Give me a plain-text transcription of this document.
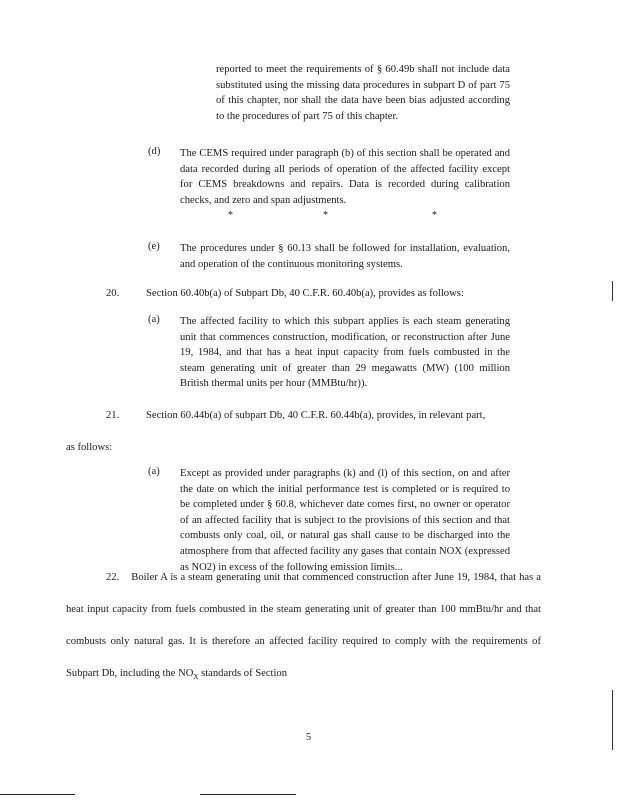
reported to meet the requirements of § 60.49b shall not include data substituted using the missing data procedures in subpart D of part 75 of this chapter, nor shall the data have been bias adjusted according to the procedures of part 75 of this chapter.
(d) The CEMS required under paragraph (b) of this section shall be operated and data recorded during all periods of operation of the affected facility except for CEMS breakdowns and repairs. Data is recorded during calibration checks, and zero and span adjustments.
*	*	*
(e) The procedures under § 60.13 shall be followed for installation, evaluation, and operation of the continuous monitoring systems.
20.	Section 60.40b(a) of Subpart Db, 40 C.F.R. 60.40b(a), provides as follows:
(a) The affected facility to which this subpart applies is each steam generating unit that commences construction, modification, or reconstruction after June 19, 1984, and that has a heat input capacity from fuels combusted in the steam generating unit of greater than 29 megawatts (MW) (100 million British thermal units per hour (MMBtu/hr)).
21.	Section 60.44b(a) of subpart Db, 40 C.F.R. 60.44b(a), provides, in relevant part,
as follows:
(a) Except as provided under paragraphs (k) and (l) of this section, on and after the date on which the initial performance test is completed or is required to be completed under § 60.8, whichever date comes first, no owner or operator of an affected facility that is subject to the provisions of this section and that combusts only coal, oil, or natural gas shall cause to be discharged into the atmosphere from that affected facility any gases that contain NOX (expressed as NO2) in excess of the following emission limits...
22. Boiler A is a steam generating unit that commenced construction after June 19, 1984, that has a heat input capacity from fuels combusted in the steam generating unit of greater than 100 mmBtu/hr and that combusts only natural gas. It is therefore an affected facility required to comply with the requirements of Subpart Db, including the $NO_X$ standards of Section
5
